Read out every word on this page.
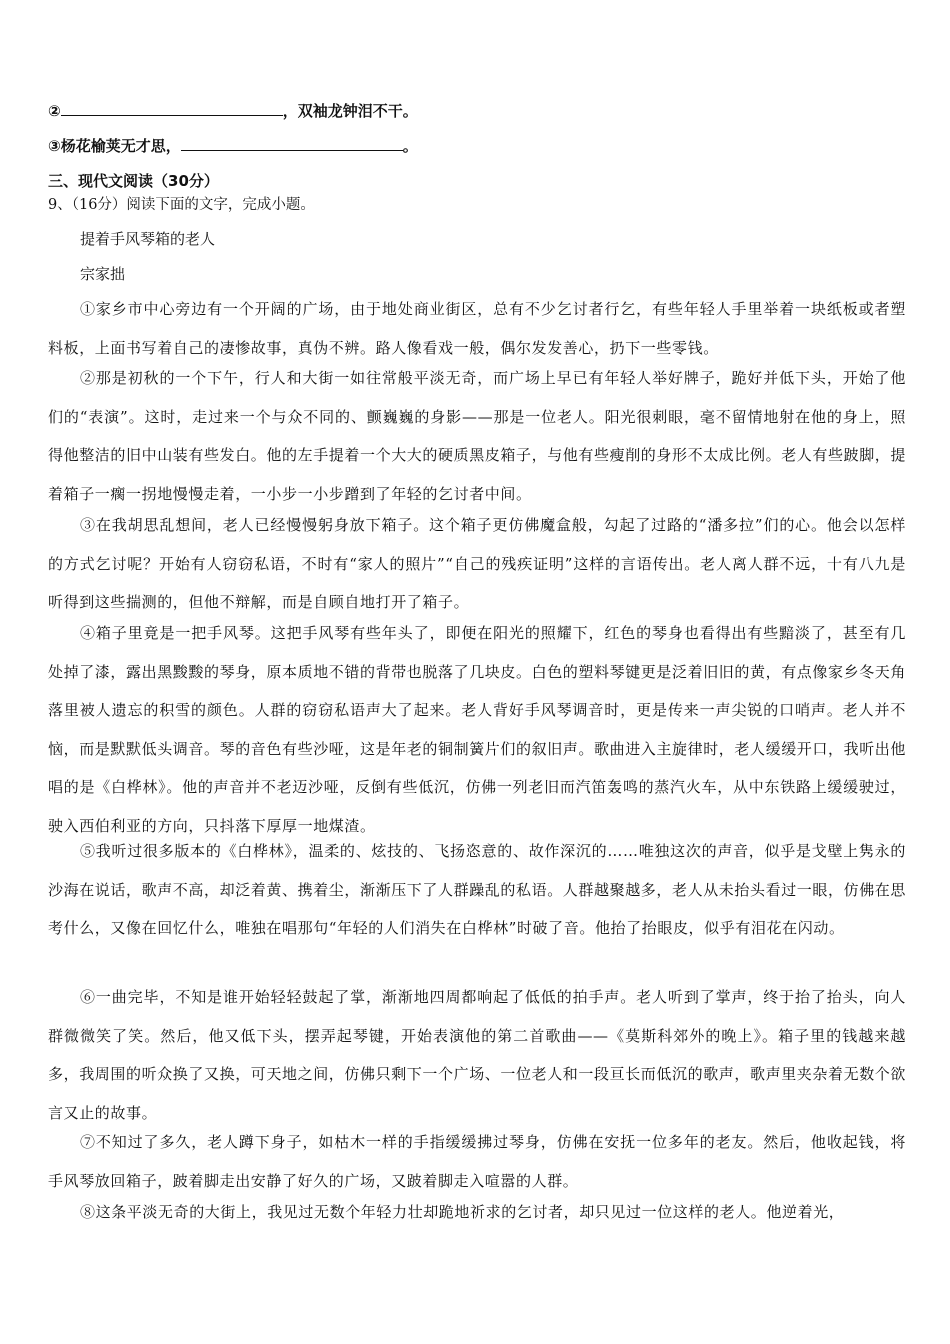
②	，双袖龙钟泪不干。
③杨花榆荚无才思，	。
三、现代文阅读（30分）
9、（16分）阅读下面的文字，完成小题。
提着手风琴箱的老人
宗家拙
①家乡市中心旁边有一个开阔的广场，由于地处商业街区，总有不少乞讨者行乞，有些年轻人手里举着一块纸板或者塑料板，上面书写着自己的凄惨故事，真伪不辨。路人像看戏一般，偶尔发发善心，扔下一些零钱。
②那是初秋的一个下午，行人和大街一如往常般平淡无奇，而广场上早已有年轻人举好牌子，跪好并低下头，开始了他们的“表演”。这时，走过来一个与众不同的、颤巍巍的身影——那是一位老人。阳光很刺眼，毫不留情地射在他的身上，照得他整洁的旧中山装有些发白。他的左手提着一个大大的硬质黑皮箱子，与他有些瘦削的身形不太成比例。老人有些跛脚，提着箱子一瘸一拐地慢慢走着，一小步一小步蹭到了年轻的乞讨者中间。
③在我胡思乱想间，老人已经慢慢躬身放下箱子。这个箱子更仿佛魔盒般，勾起了过路的“潘多拉”们的心。他会以怎样的方式乞讨呢？开始有人窃窃私语，不时有“家人的照片”“自己的残疾证明”这样的言语传出。老人离人群不远，十有八九是听得到这些揣测的，但他不辩解，而是自顾自地打开了箱子。
④箱子里竟是一把手风琴。这把手风琴有些年头了，即便在阳光的照耀下，红色的琴身也看得出有些黯淡了，甚至有几处掉了漆，露出黑黢黢的琴身，原本质地不错的背带也脱落了几块皮。白色的塑料琴键更是泛着旧旧的黄，有点像家乡冬天角落里被人遗忘的积雪的颜色。人群的窃窃私语声大了起来。老人背好手风琴调音时，更是传来一声尖锐的口哨声。老人并不恼，而是默默低头调音。琴的音色有些沙哑，这是年老的铜制簧片们的叙旧声。歌曲进入主旋律时，老人缓缓开口，我听出他唱的是《白桦林》。他的声音并不老迈沙哑，反倒有些低沉，仿佛一列老旧而汽笛轰鸣的蒸汽火车，从中东铁路上缓缓驶过，驶入西伯利亚的方向，只抖落下厚厚一地煤渣。
⑤我听过很多版本的《白桦林》，温柔的、炫技的、飞扬恣意的、故作深沉的……唯独这次的声音，似乎是戈壁上隽永的沙海在说话，歌声不高，却泛着黄、携着尘，渐渐压下了人群躁乱的私语。人群越聚越多，老人从未抬头看过一眼，仿佛在思考什么，又像在回忆什么，唯独在唱那句“年轻的人们消失在白桦林”时破了音。他抬了抬眼皮，似乎有泪花在闪动。
⑥一曲完毕，不知是谁开始轻轻鼓起了掌，渐渐地四周都响起了低低的拍手声。老人听到了掌声，终于抬了抬头，向人群微微笑了笑。然后，他又低下头，摆弄起琴键，开始表演他的第二首歌曲——《莫斯科郊外的晚上》。箱子里的钱越来越多，我周围的听众换了又换，可天地之间，仿佛只剩下一个广场、一位老人和一段亘长而低沉的歌声，歌声里夹杂着无数个欲言又止的故事。
⑦不知过了多久，老人蹲下身子，如枯木一样的手指缓缓拂过琴身，仿佛在安抚一位多年的老友。然后，他收起钱，将手风琴放回箱子，跛着脚走出安静了好久的广场，又跛着脚走入喧嚣的人群。
⑧这条平淡无奇的大街上，我见过无数个年轻力壮却跪地祈求的乞讨者，却只见过一位这样的老人。他逆着光，
